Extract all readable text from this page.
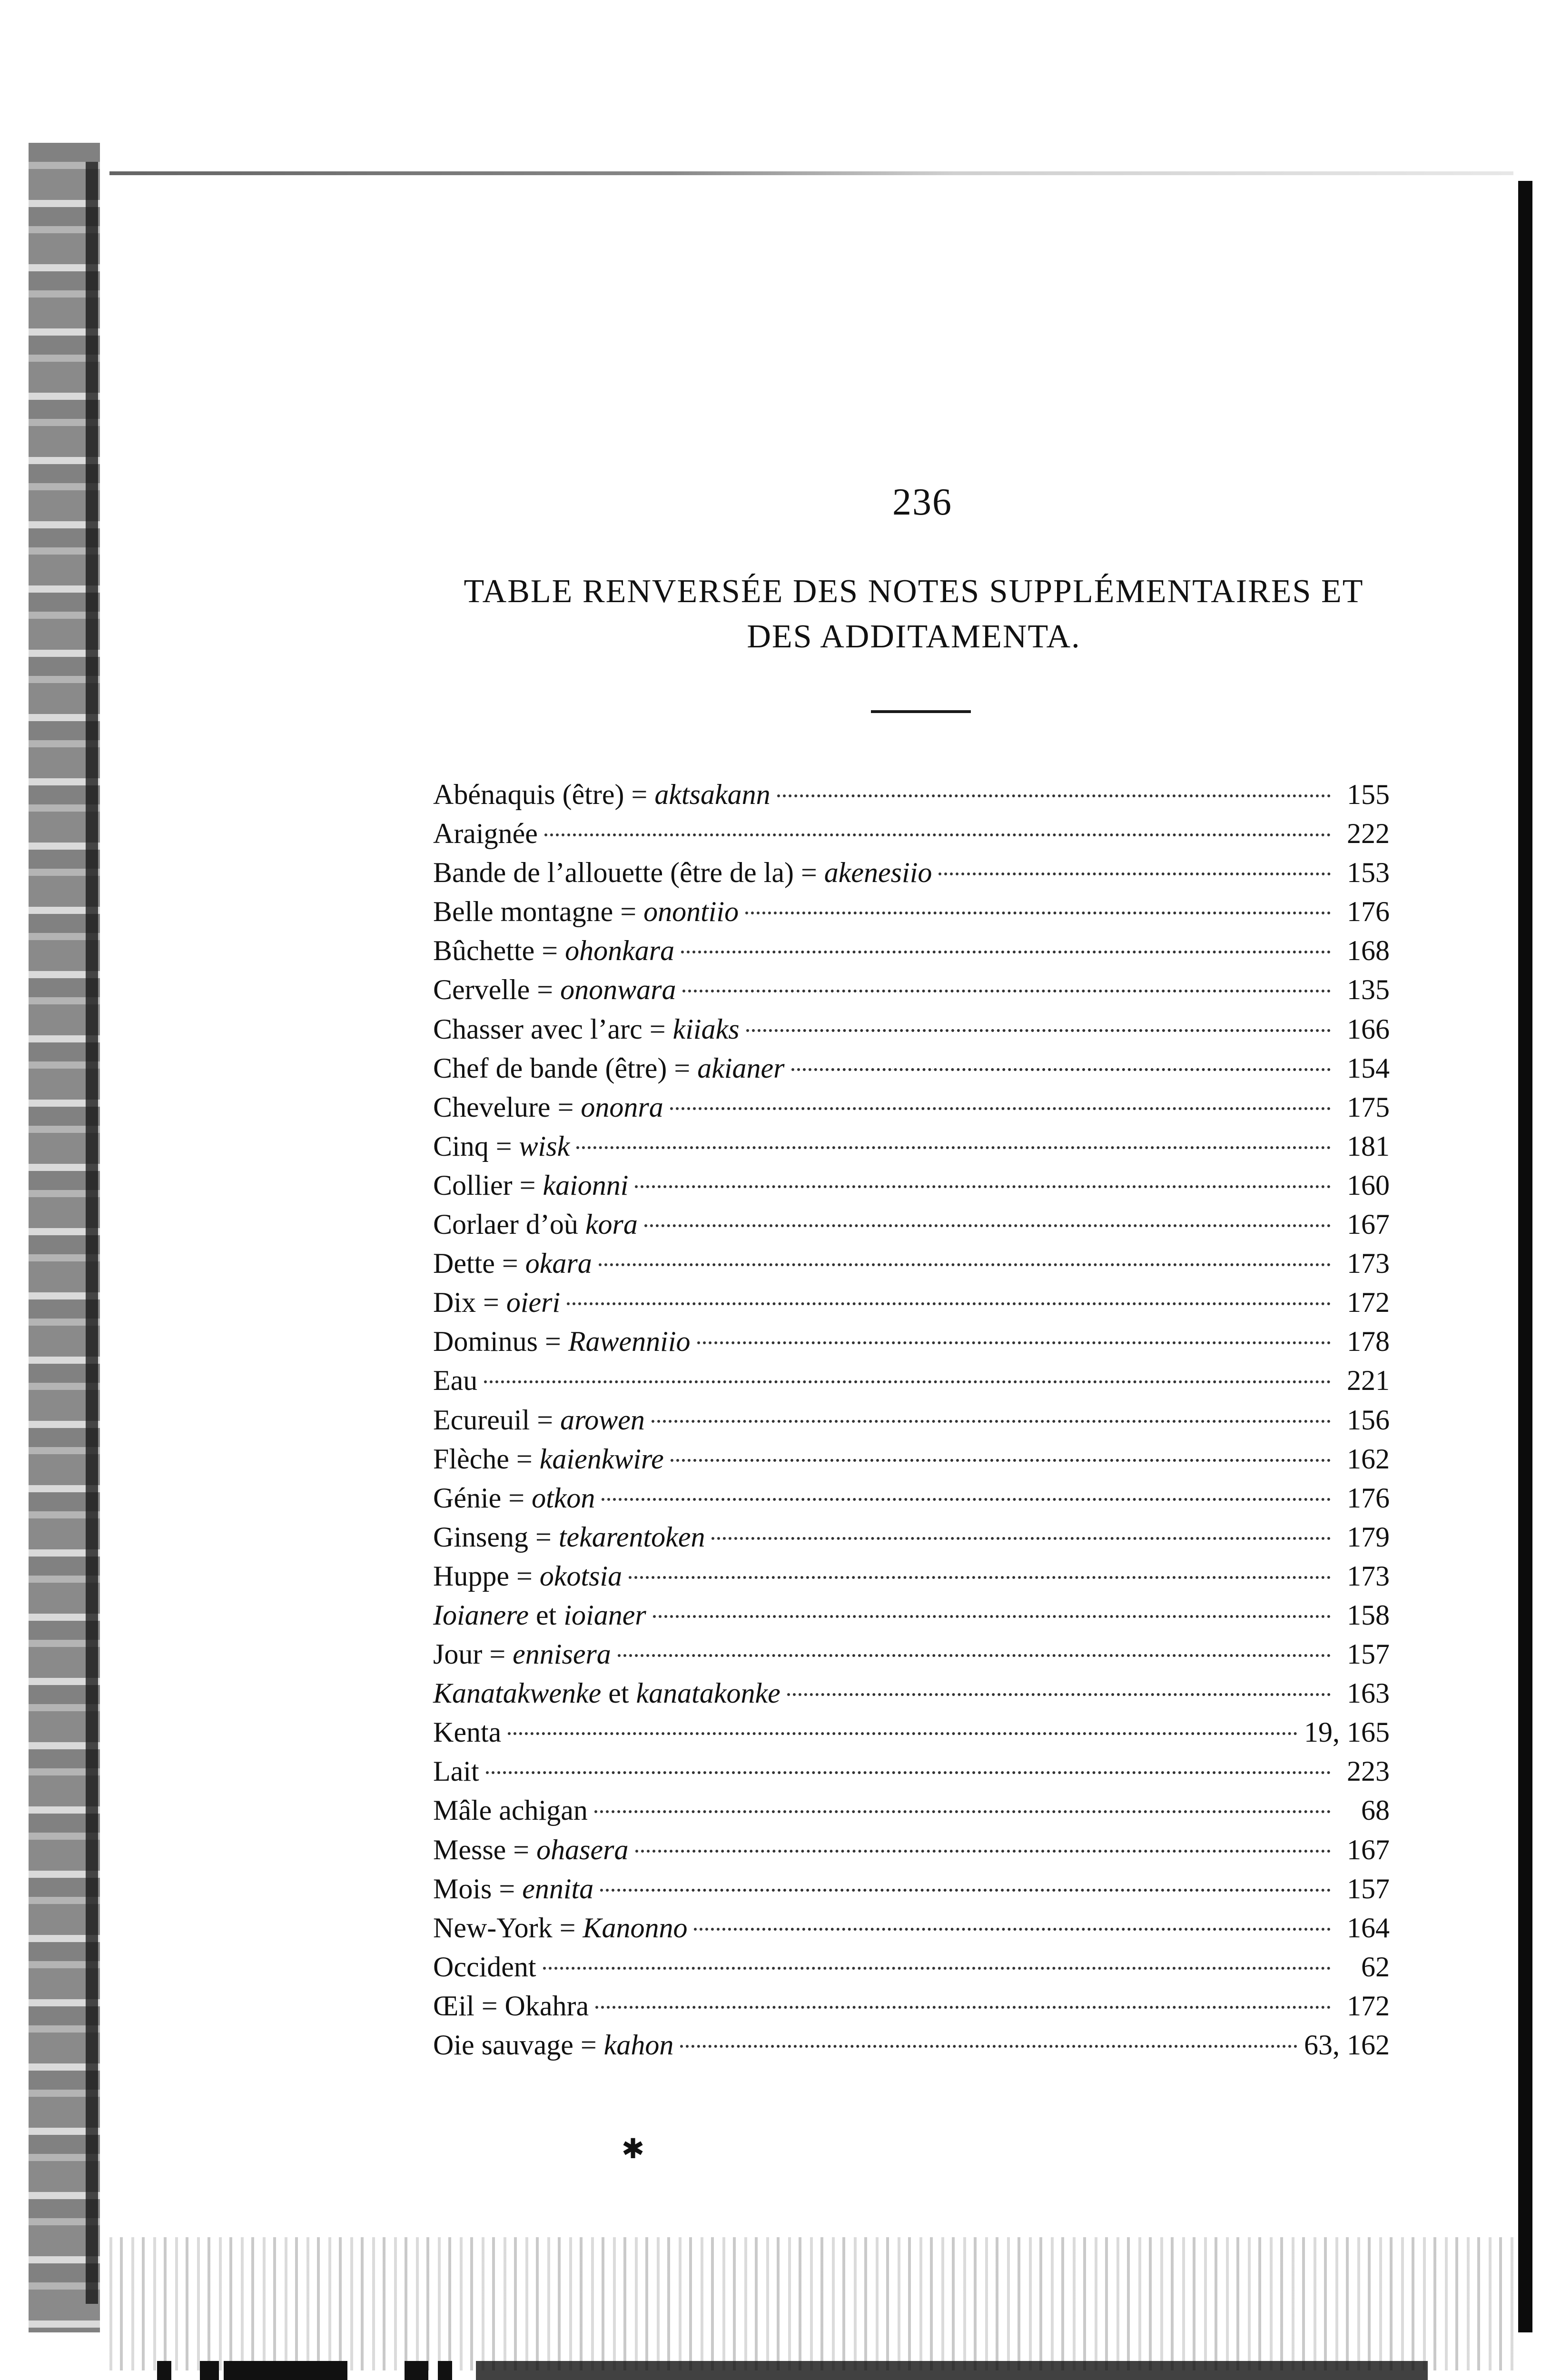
236
TABLE RENVERSÉE DES NOTES SUPPLÉMENTAIRES ET
DES ADDITAMENTA.
Abénaquis (être) = aktsakann	155
Araignée	222
Bande de l’allouette (être de la) = akenesiio	153
Belle montagne = onontiio	176
Bûchette = ohonkara	168
Cervelle = ononwara	135
Chasser avec l’arc = kiiaks	166
Chef de bande (être) = akianer	154
Chevelure = ononra	175
Cinq = wisk	181
Collier = kaionni	160
Corlaer d’où kora	167
Dette = okara	173
Dix = oieri	172
Dominus = Rawenniio	178
Eau	221
Ecureuil = arowen	156
Flèche = kaienkwire	162
Génie = otkon	176
Ginseng = tekarentoken	179
Huppe = okotsia	173
Ioianere et ioianer	158
Jour = ennisera	157
Kanatakwenke et kanatakonke	163
Kenta	19, 165
Lait	223
Mâle achigan	68
Messe = ohasera	167
Mois = ennita	157
New-York = Kanonno	164
Occident	62
Œil = Okahra	172
Oie sauvage = kahon	63, 162
✱
